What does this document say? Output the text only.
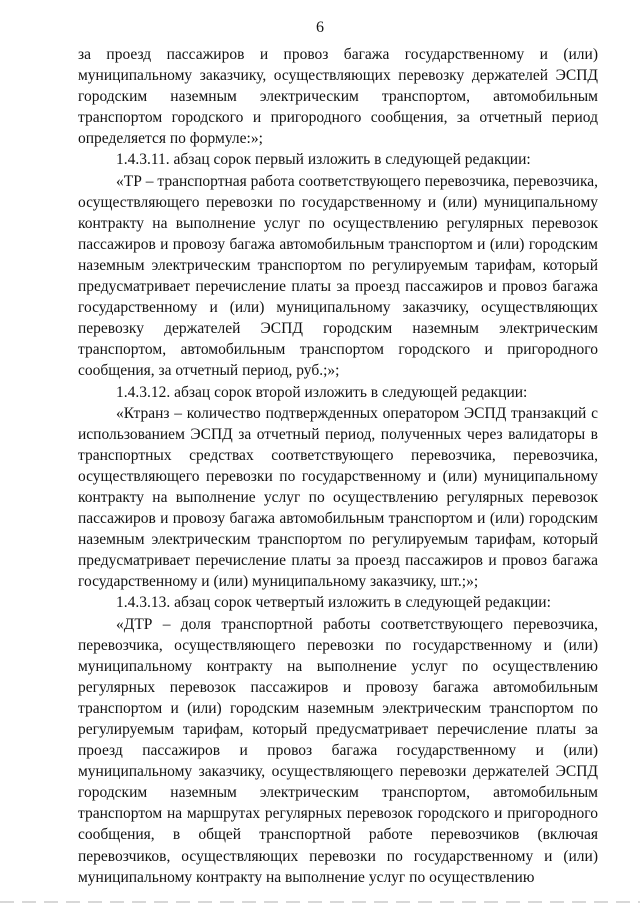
6

за проезд пассажиров и провоз багажа государственному и (или) муниципальному заказчику, осуществляющих перевозку держателей ЭСПД городским наземным электрическим транспортом, автомобильным транспортом городского и пригородного сообщения, за отчетный период определяется по формуле:»;

1.4.3.11. абзац сорок первый изложить в следующей редакции:

«ТР – транспортная работа соответствующего перевозчика, перевозчика, осуществляющего перевозки по государственному и (или) муниципальному контракту на выполнение услуг по осуществлению регулярных перевозок пассажиров и провозу багажа автомобильным транспортом и (или) городским наземным электрическим транспортом по регулируемым тарифам, который предусматривает перечисление платы за проезд пассажиров и провоз багажа государственному и (или) муниципальному заказчику, осуществляющих перевозку держателей ЭСПД городским наземным электрическим транспортом, автомобильным транспортом городского и пригородного сообщения, за отчетный период, руб.;»;

1.4.3.12. абзац сорок второй изложить в следующей редакции:

«Ктранз – количество подтвержденных оператором ЭСПД транзакций с использованием ЭСПД за отчетный период, полученных через валидаторы в транспортных средствах соответствующего перевозчика, перевозчика, осуществляющего перевозки по государственному и (или) муниципальному контракту на выполнение услуг по осуществлению регулярных перевозок пассажиров и провозу багажа автомобильным транспортом и (или) городским наземным электрическим транспортом по регулируемым тарифам, который предусматривает перечисление платы за проезд пассажиров и провоз багажа государственному и (или) муниципальному заказчику, шт.;»;

1.4.3.13. абзац сорок четвертый изложить в следующей редакции:

«ДТР – доля транспортной работы соответствующего перевозчика, перевозчика, осуществляющего перевозки по государственному и (или) муниципальному контракту на выполнение услуг по осуществлению регулярных перевозок пассажиров и провозу багажа автомобильным транспортом и (или) городским наземным электрическим транспортом по регулируемым тарифам, который предусматривает перечисление платы за проезд пассажиров и провоз багажа государственному и (или) муниципальному заказчику, осуществляющего перевозки держателей ЭСПД городским наземным электрическим транспортом, автомобильным транспортом на маршрутах регулярных перевозок городского и пригородного сообщения, в общей транспортной работе перевозчиков (включая перевозчиков, осуществляющих перевозки по государственному и (или) муниципальному контракту на выполнение услуг по осуществлению
